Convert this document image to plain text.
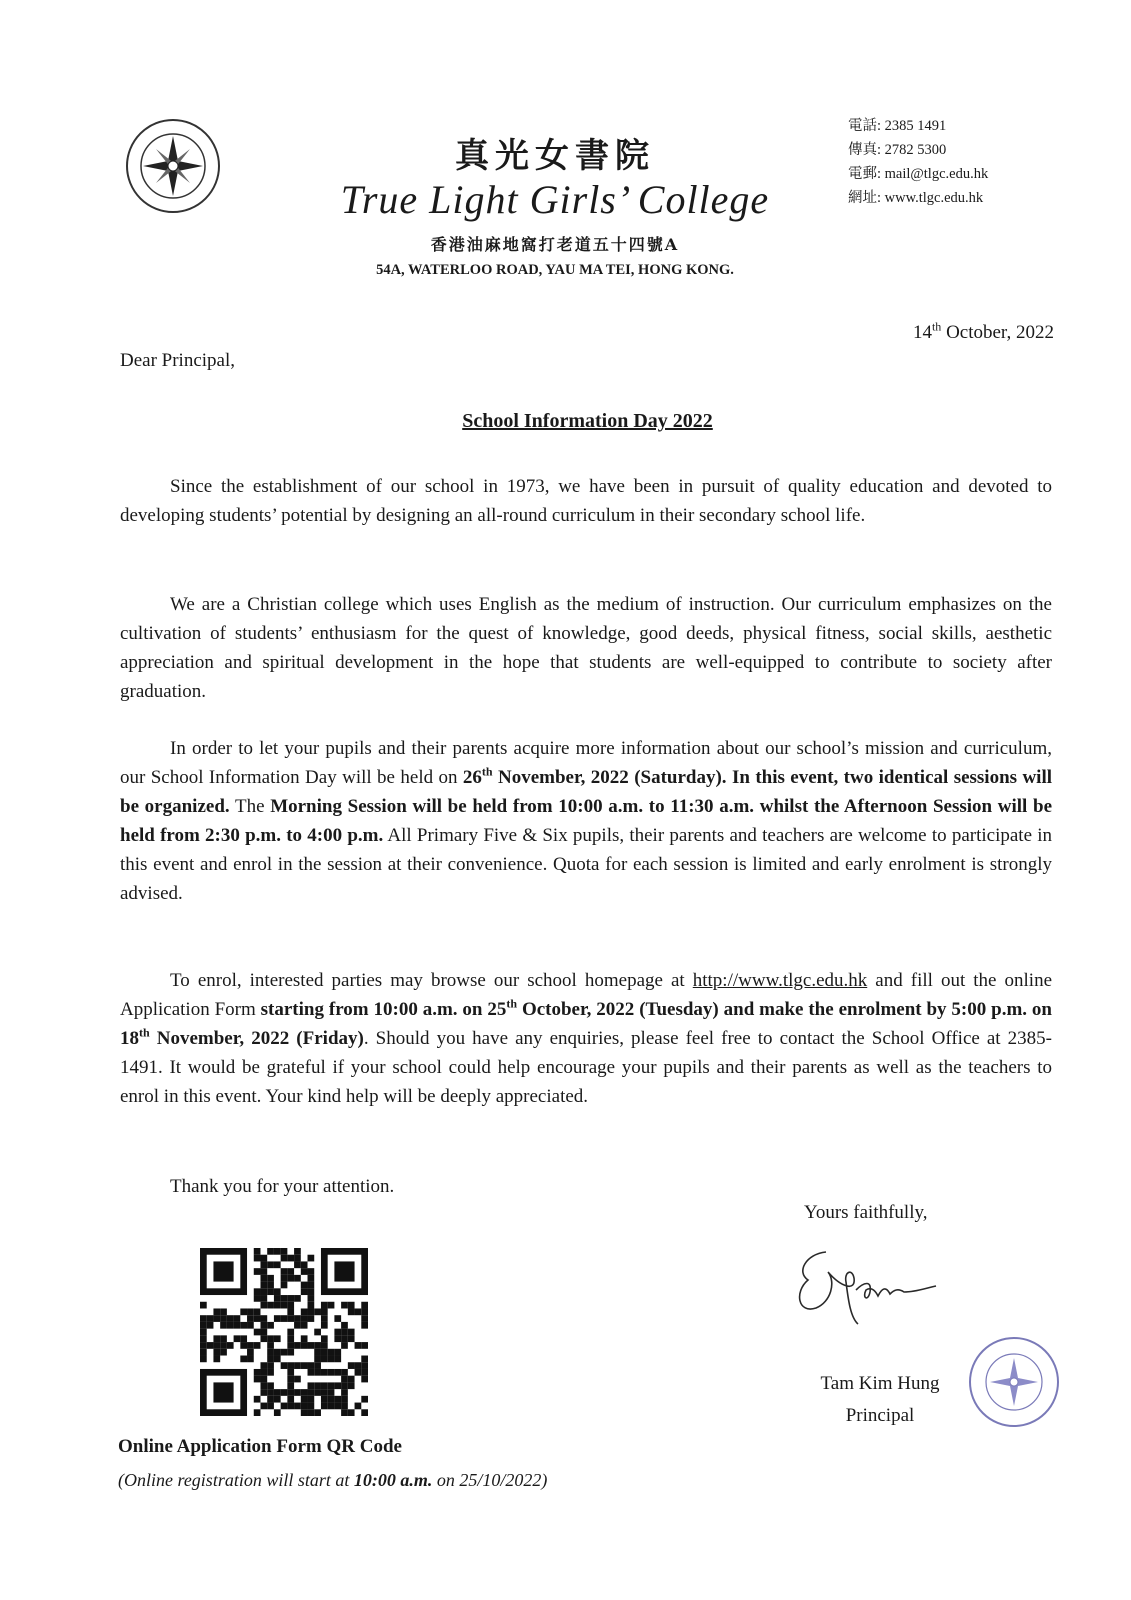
真光女書院
True Light Girls’ College
香港油麻地窩打老道五十四號A
54A, WATERLOO ROAD, YAU MA TEI, HONG KONG.
電話: 2385 1491
傳真: 2782 5300
電郵: mail@tlgc.edu.hk
網址: www.tlgc.edu.hk
14th October, 2022
Dear Principal,
School Information Day 2022

Since the establishment of our school in 1973, we have been in pursuit of quality education and devoted to developing students’ potential by designing an all-round curriculum in their secondary school life.

We are a Christian college which uses English as the medium of instruction. Our curriculum emphasizes on the cultivation of students’ enthusiasm for the quest of knowledge, good deeds, physical fitness, social skills, aesthetic appreciation and spiritual development in the hope that students are well-equipped to contribute to society after graduation.

In order to let your pupils and their parents acquire more information about our school’s mission and curriculum, our School Information Day will be held on 26th November, 2022 (Saturday). In this event, two identical sessions will be organized. The Morning Session will be held from 10:00 a.m. to 11:30 a.m. whilst the Afternoon Session will be held from 2:30 p.m. to 4:00 p.m. All Primary Five & Six pupils, their parents and teachers are welcome to participate in this event and enrol in the session at their convenience. Quota for each session is limited and early enrolment is strongly advised.

To enrol, interested parties may browse our school homepage at http://www.tlgc.edu.hk and fill out the online Application Form starting from 10:00 a.m. on 25th October, 2022 (Tuesday) and make the enrolment by 5:00 p.m. on 18th November, 2022 (Friday). Should you have any enquiries, please feel free to contact the School Office at 2385-1491. It would be grateful if your school could help encourage your pupils and their parents as well as the teachers to enrol in this event. Your kind help will be deeply appreciated.

Thank you for your attention.

Yours faithfully,
Tam Kim Hung
Principal
Online Application Form QR Code
(Online registration will start at 10:00 a.m. on 25/10/2022)
